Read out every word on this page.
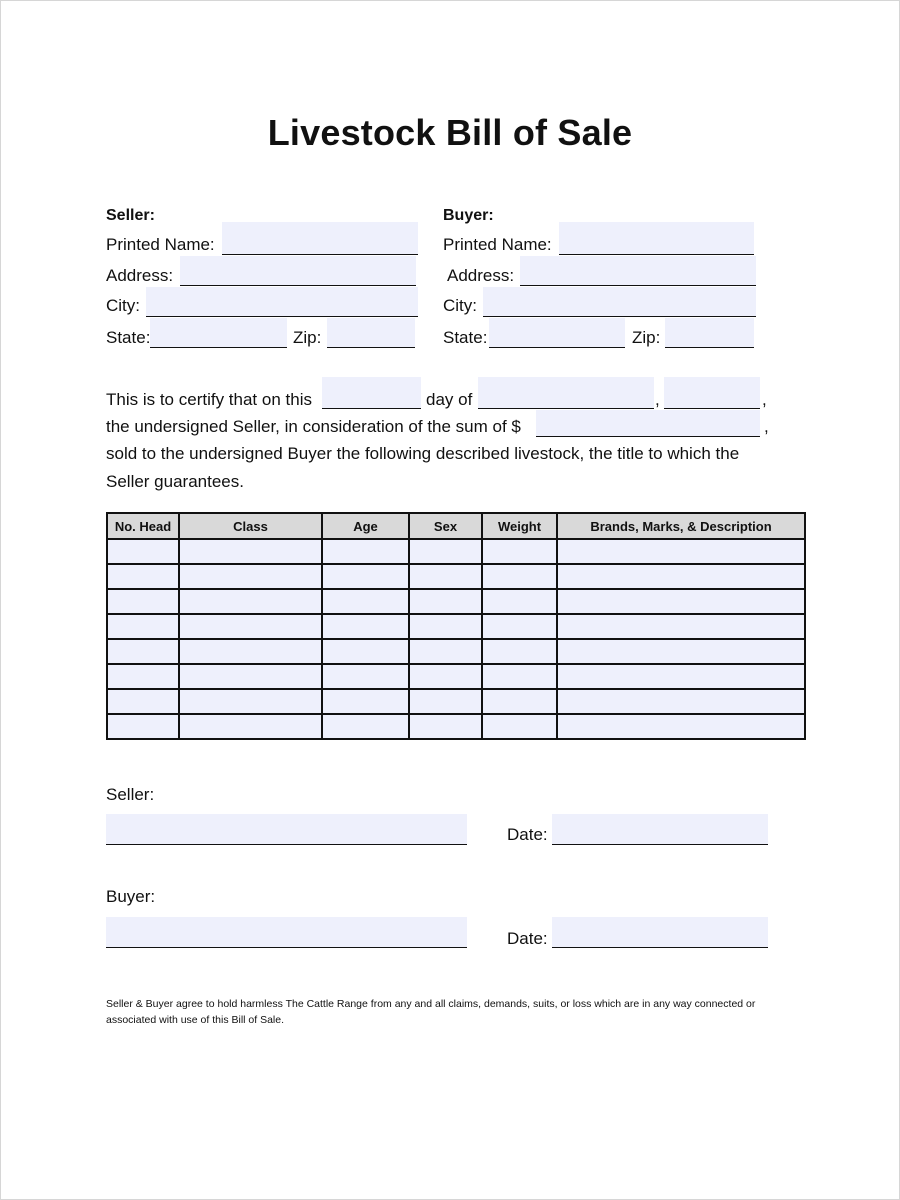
Livestock Bill of Sale
Seller:
Printed Name:
Address:
City:
State:	Zip:
Buyer:
Printed Name:
Address:
City:
State:	Zip:
This is to certify that on this	day of	,	,
the undersigned Seller, in consideration of the sum of $	,
sold to the undersigned Buyer the following described livestock, the title to which the
Seller guarantees.
No. Head	Class	Age	Sex	Weight	Brands, Marks, & Description

Seller:
Date:
Buyer:
Date:
Seller & Buyer agree to hold harmless The Cattle Range from any and all claims, demands, suits, or loss which are in any way connected or associated with use of this Bill of Sale.
